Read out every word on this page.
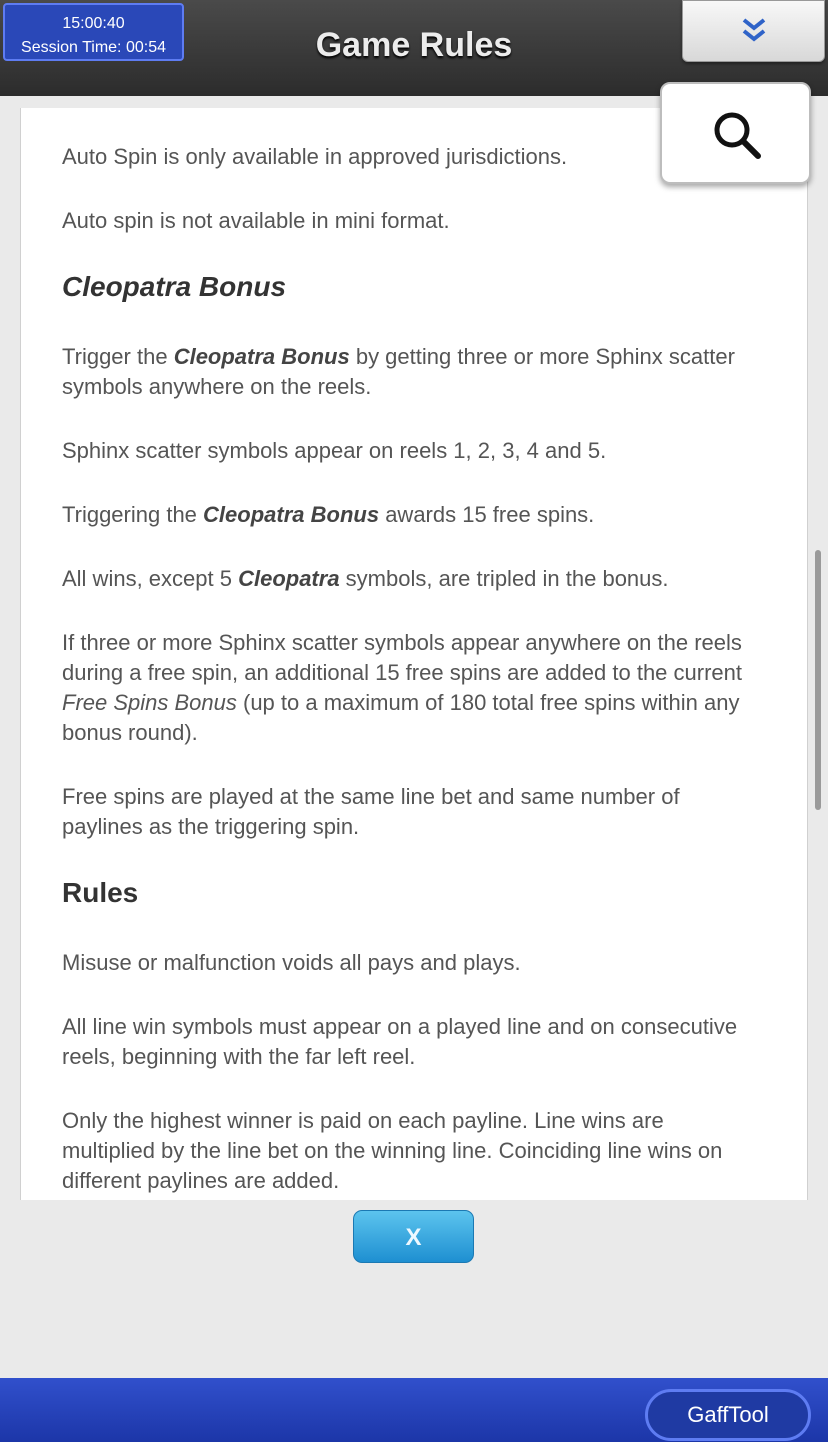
15:00:40
Session Time: 00:54	Game Rules

Auto Spin is only available in approved jurisdictions.

Auto spin is not available in mini format.

Cleopatra Bonus

Trigger the Cleopatra Bonus by getting three or more Sphinx scatter symbols anywhere on the reels.

Sphinx scatter symbols appear on reels 1, 2, 3, 4 and 5.

Triggering the Cleopatra Bonus awards 15 free spins.

All wins, except 5 Cleopatra symbols, are tripled in the bonus.

If three or more Sphinx scatter symbols appear anywhere on the reels during a free spin, an additional 15 free spins are added to the current Free Spins Bonus (up to a maximum of 180 total free spins within any bonus round).

Free spins are played at the same line bet and same number of paylines as the triggering spin.

Rules

Misuse or malfunction voids all pays and plays.

All line win symbols must appear on a played line and on consecutive reels, beginning with the far left reel.

Only the highest winner is paid on each payline. Line wins are multiplied by the line bet on the winning line. Coinciding line wins on different paylines are added.

X
GaffTool
